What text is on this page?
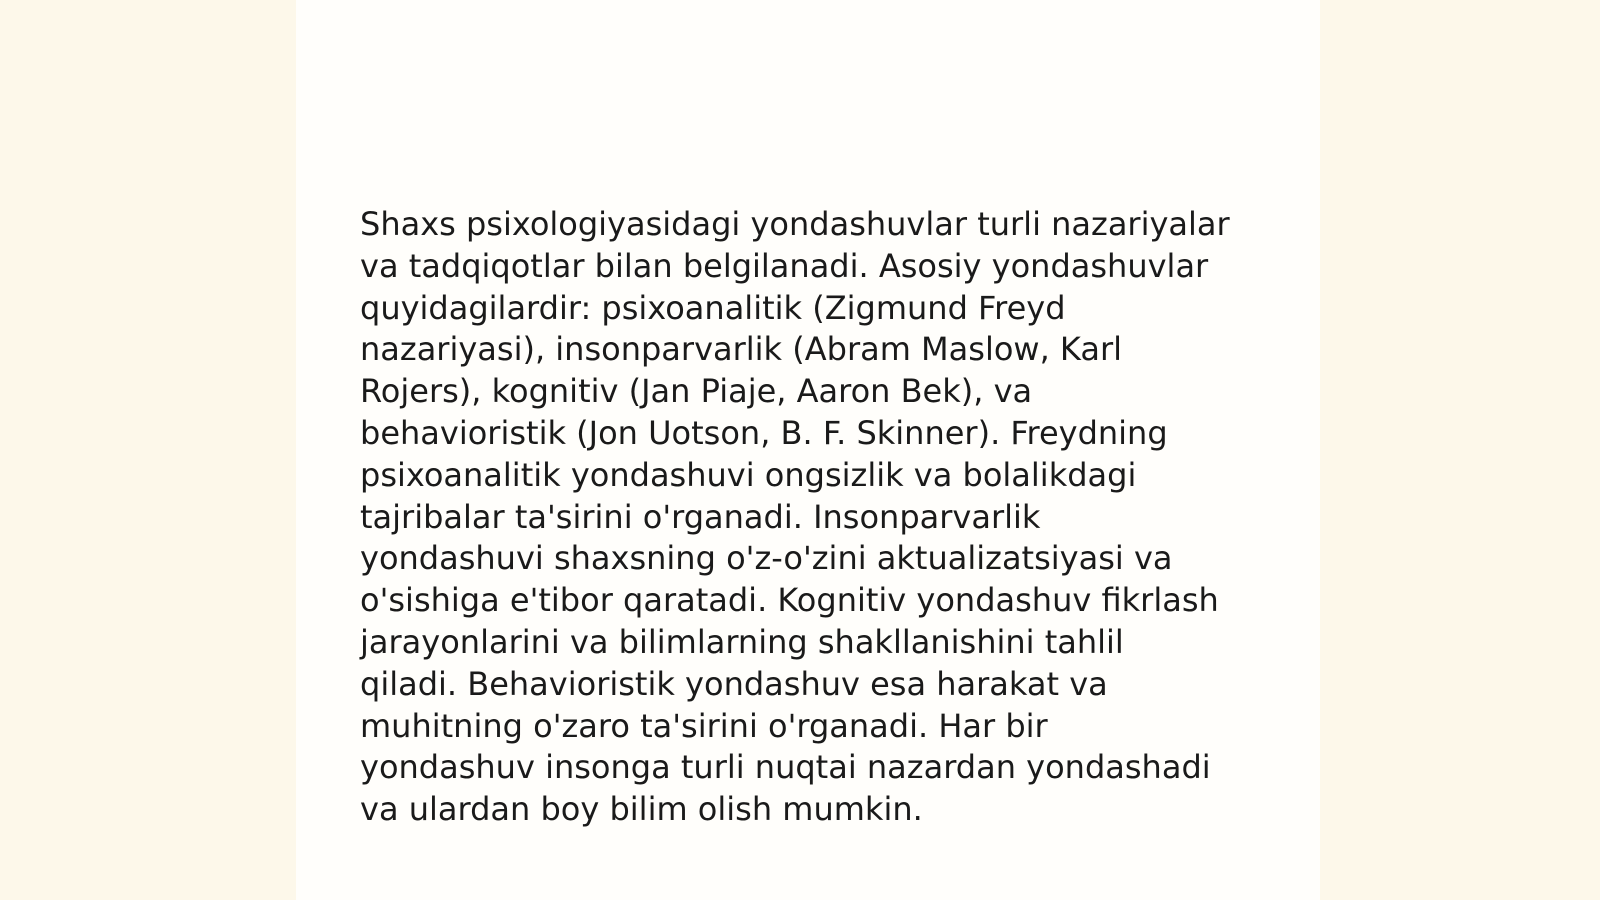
Shaxs psixologiyasidagi yondashuvlar turli nazariyalar
va tadqiqotlar bilan belgilanadi. Asosiy yondashuvlar
quyidagilardir: psixoanalitik (Zigmund Freyd
nazariyasi), insonparvarlik (Abram Maslow, Karl
Rojers), kognitiv (Jan Piaje, Aaron Bek), va
behavioristik (Jon Uotson, B. F. Skinner). Freydning
psixoanalitik yondashuvi ongsizlik va bolalikdagi
tajribalar ta'sirini o'rganadi. Insonparvarlik
yondashuvi shaxsning o'z-o'zini aktualizatsiyasi va
o'sishiga e'tibor qaratadi. Kognitiv yondashuv fikrlash
jarayonlarini va bilimlarning shakllanishini tahlil
qiladi. Behavioristik yondashuv esa harakat va
muhitning o'zaro ta'sirini o'rganadi. Har bir
yondashuv insonga turli nuqtai nazardan yondashadi
va ulardan boy bilim olish mumkin.
